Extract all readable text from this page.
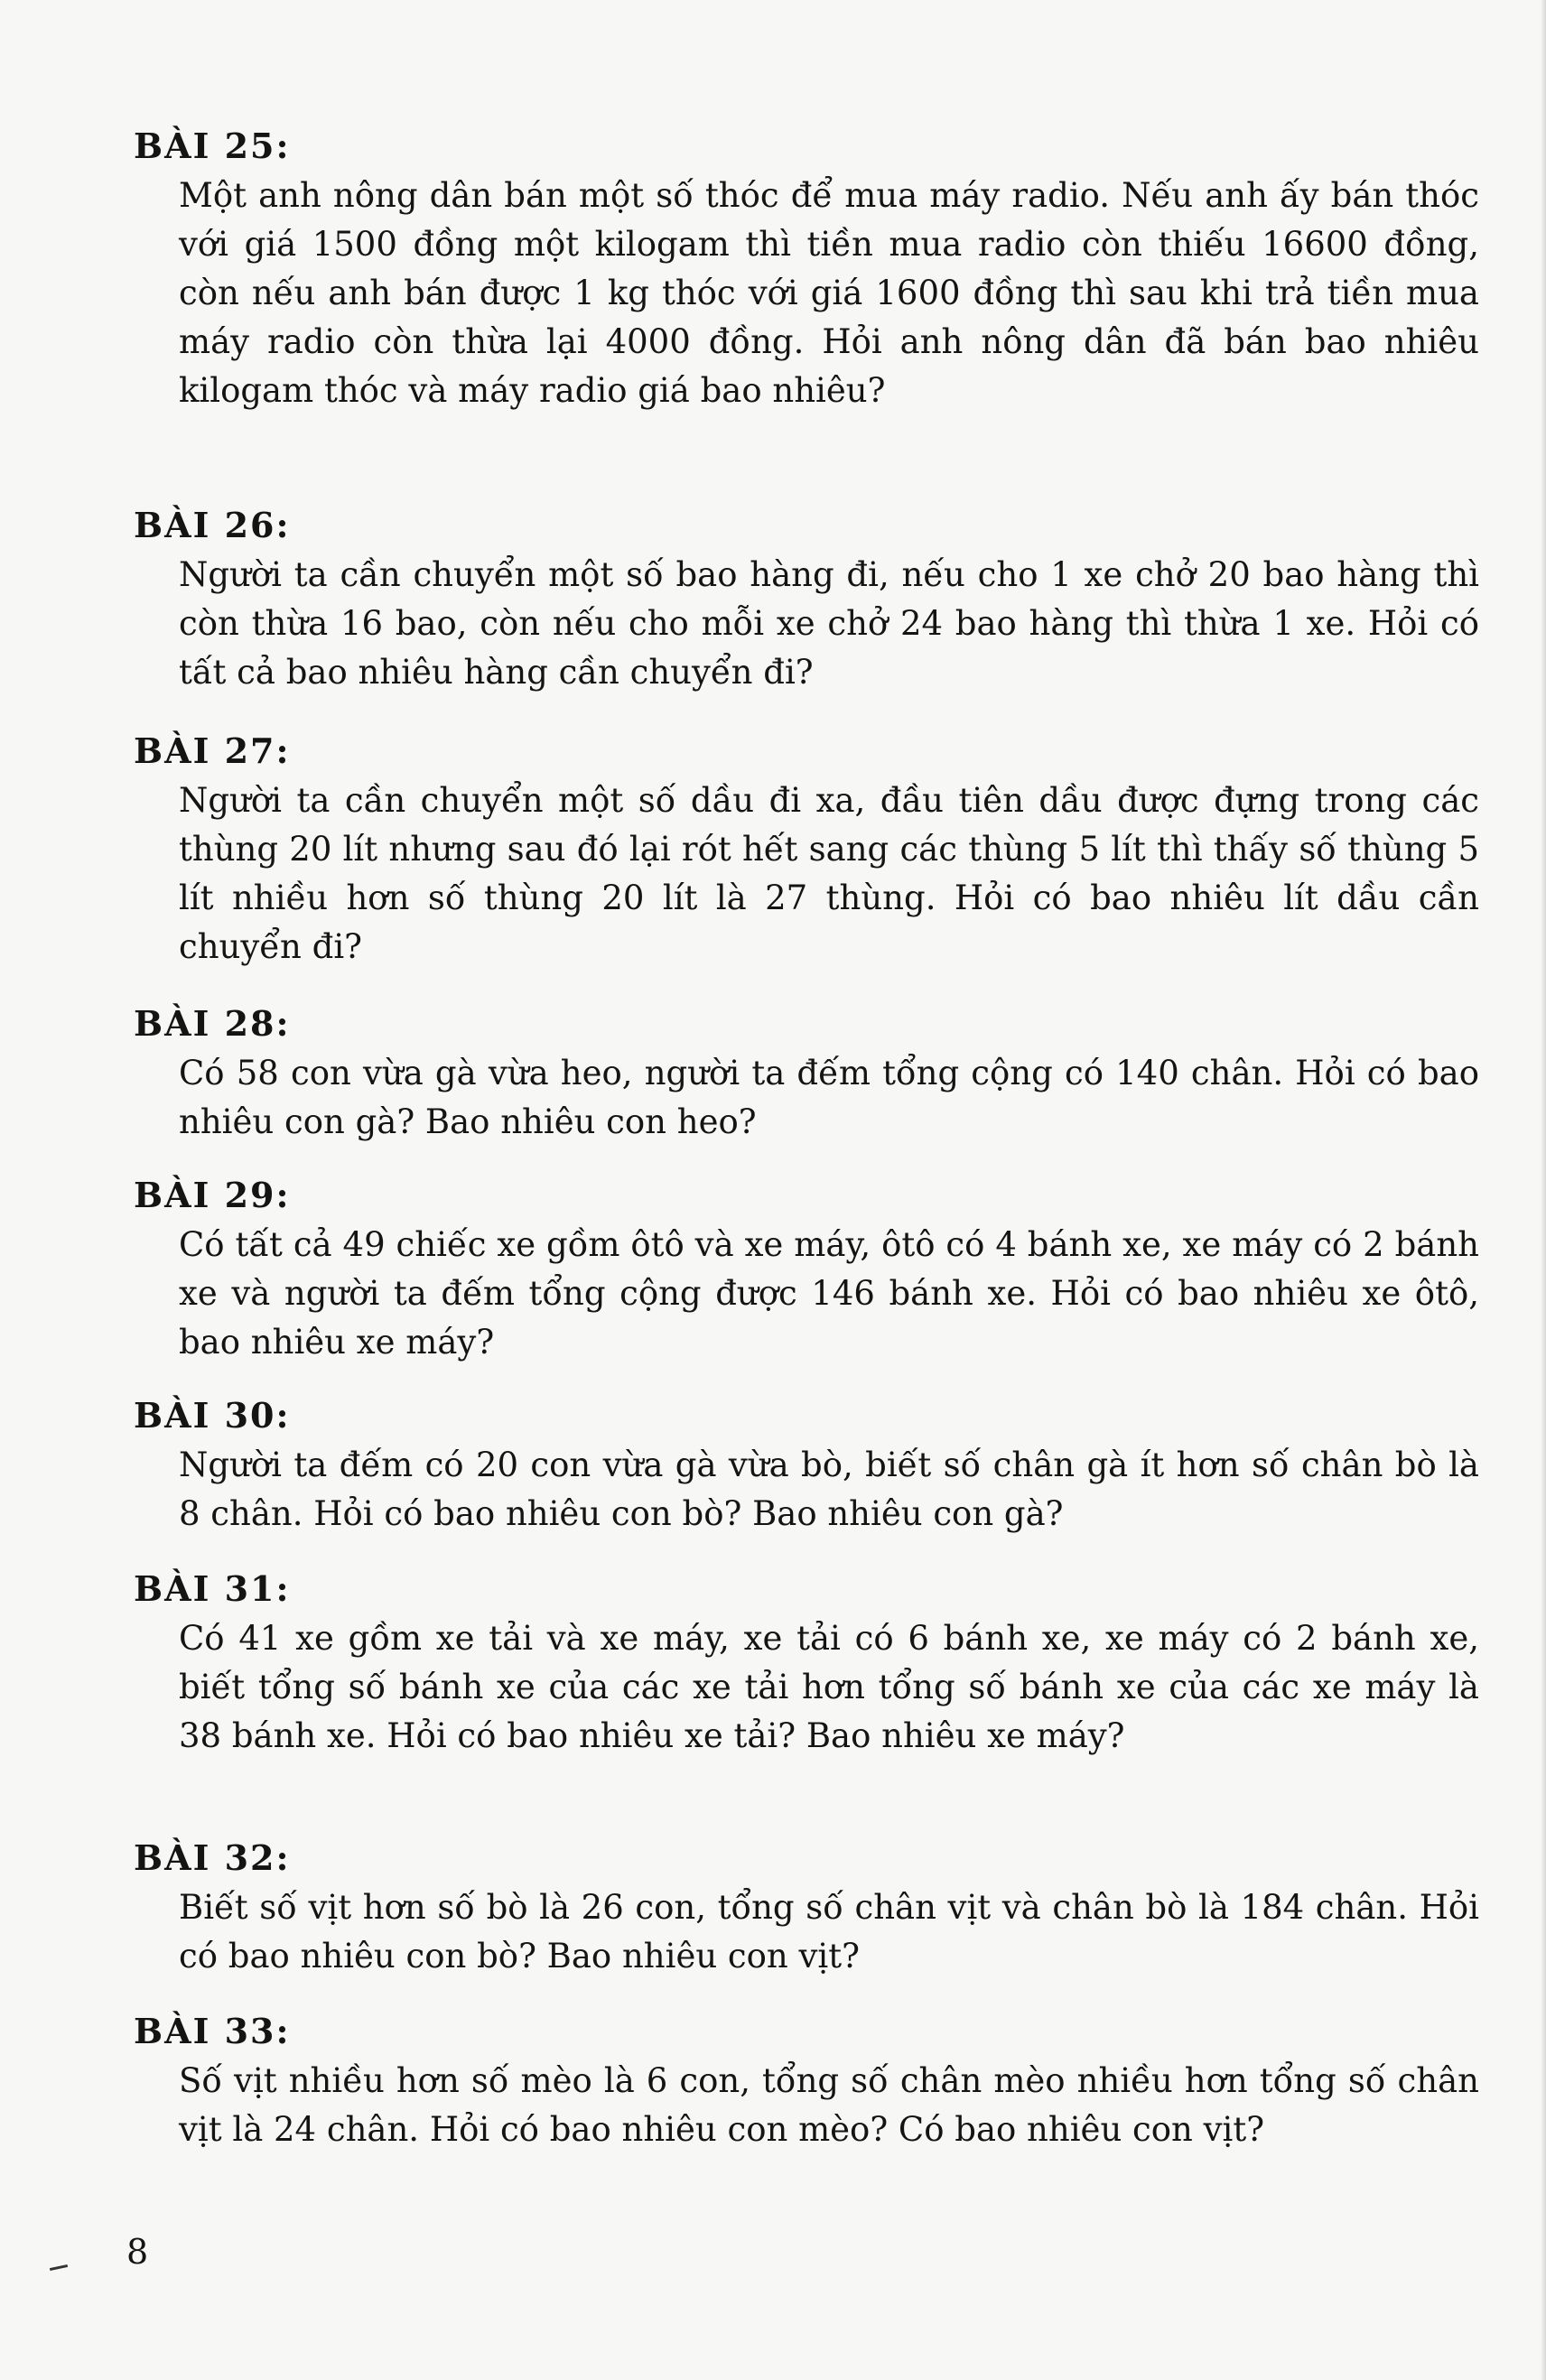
BÀI 25:

Một anh nông dân bán một số thóc để mua máy radio. Nếu anh ấy bán thóc với giá 1500 đồng một kilogam thì tiền mua radio còn thiếu 16600 đồng, còn nếu anh bán được 1 kg thóc với giá 1600 đồng thì sau khi trả tiền mua máy radio còn thừa lại 4000 đồng. Hỏi anh nông dân đã bán bao nhiêu kilogam thóc và máy radio giá bao nhiêu?

BÀI 26:

Người ta cần chuyển một số bao hàng đi, nếu cho 1 xe chở 20 bao hàng thì còn thừa 16 bao, còn nếu cho mỗi xe chở 24 bao hàng thì thừa 1 xe. Hỏi có tất cả bao nhiêu hàng cần chuyển đi?

BÀI 27:

Người ta cần chuyển một số dầu đi xa, đầu tiên dầu được đựng trong các thùng 20 lít nhưng sau đó lại rót hết sang các thùng 5 lít thì thấy số thùng 5 lít nhiều hơn số thùng 20 lít là 27 thùng. Hỏi có bao nhiêu lít dầu cần chuyển đi?

BÀI 28:

Có 58 con vừa gà vừa heo, người ta đếm tổng cộng có 140 chân. Hỏi có bao nhiêu con gà? Bao nhiêu con heo?

BÀI 29:

Có tất cả 49 chiếc xe gồm ôtô và xe máy, ôtô có 4 bánh xe, xe máy có 2 bánh xe và người ta đếm tổng cộng được 146 bánh xe. Hỏi có bao nhiêu xe ôtô, bao nhiêu xe máy?

BÀI 30:

Người ta đếm có 20 con vừa gà vừa bò, biết số chân gà ít hơn số chân bò là 8 chân. Hỏi có bao nhiêu con bò? Bao nhiêu con gà?

BÀI 31:

Có 41 xe gồm xe tải và xe máy, xe tải có 6 bánh xe, xe máy có 2 bánh xe, biết tổng số bánh xe của các xe tải hơn tổng số bánh xe của các xe máy là 38 bánh xe. Hỏi có bao nhiêu xe tải? Bao nhiêu xe máy?

BÀI 32:

Biết số vịt hơn số bò là 26 con, tổng số chân vịt và chân bò là 184 chân. Hỏi có bao nhiêu con bò? Bao nhiêu con vịt?

BÀI 33:

Số vịt nhiều hơn số mèo là 6 con, tổng số chân mèo nhiều hơn tổng số chân vịt là 24 chân. Hỏi có bao nhiêu con mèo? Có bao nhiêu con vịt?

8
